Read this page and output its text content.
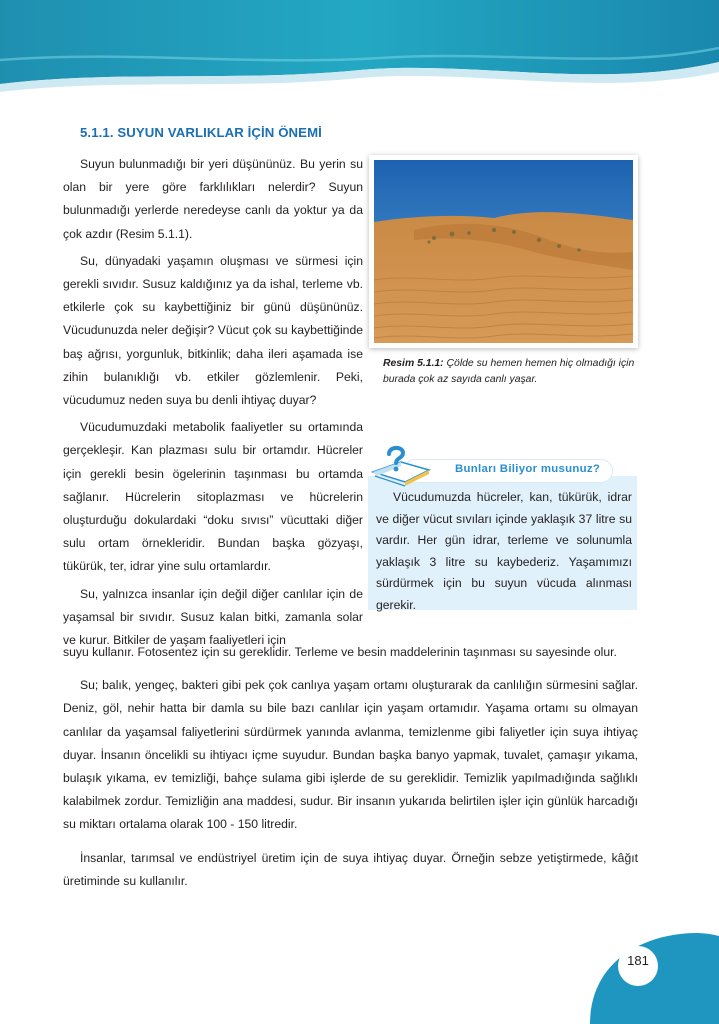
5.1.1. SUYUN VARLIKLAR İÇİN ÖNEMİ

Suyun bulunmadığı bir yeri düşününüz. Bu yerin su olan bir yere göre farklılıkları nelerdir? Suyun bulunmadığı yerlerde neredeyse canlı da yoktur ya da çok azdır (Resim 5.1.1).

Su, dünyadaki yaşamın oluşması ve sürmesi için gerekli sıvıdır. Susuz kaldığınız ya da ishal, terleme vb. etkilerle çok su kaybettiğiniz bir günü düşününüz. Vücudunuzda neler değişir? Vücut çok su kaybettiğinde baş ağrısı, yorgunluk, bitkinlik; daha ileri aşamada ise zihin bulanıklığı vb. etkiler gözlemlenir. Peki, vücudumuz neden suya bu denli ihtiyaç duyar?

Vücudumuzdaki metabolik faaliyetler su ortamında gerçekleşir. Kan plazması sulu bir ortamdır. Hücreler için gerekli besin ögelerinin taşınması bu ortamda sağlanır. Hücrelerin sitoplazması ve hücrelerin oluşturduğu dokulardaki “doku sıvısı” vücuttaki diğer sulu ortam örnekleridir. Bundan başka gözyaşı, tükürük, ter, idrar yine sulu ortamlardır.

Su, yalnızca insanlar için değil diğer canlılar için de yaşamsal bir sıvıdır. Susuz kalan bitki, zamanla solar ve kurur. Bitkiler de yaşam faaliyetleri için

Resim 5.1.1: Çölde su hemen hemen hiç olmadığı için burada çok az sayıda canlı yaşar.

Bunları Biliyor musunuz?

Vücudumuzda hücreler, kan, tükürük, idrar ve diğer vücut sıvıları içinde yaklaşık 37 litre su vardır. Her gün idrar, terleme ve solunumla yaklaşık 3 litre su kaybederiz. Yaşamımızı sürdürmek için bu suyun vücuda alınması gerekir.

suyu kullanır. Fotosentez için su gereklidir. Terleme ve besin maddelerinin taşınması su sayesinde olur.

Su; balık, yengeç, bakteri gibi pek çok canlıya yaşam ortamı oluşturarak da canlılığın sürmesini sağlar. Deniz, göl, nehir hatta bir damla su bile bazı canlılar için yaşam ortamıdır. Yaşama ortamı su olmayan canlılar da yaşamsal faliyetlerini sürdürmek yanında avlanma, temizlenme gibi faliyetler için suya ihtiyaç duyar. İnsanın öncelikli su ihtiyacı içme suyudur. Bundan başka banyo yapmak, tuvalet, çamaşır yıkama, bulaşık yıkama, ev temizliği, bahçe sulama gibi işlerde de su gereklidir. Temizlik yapılmadığında sağlıklı kalabilmek zordur. Temizliğin ana maddesi, sudur. Bir insanın yukarıda belirtilen işler için günlük harcadığı su miktarı ortalama olarak 100 - 150 litredir.

İnsanlar, tarımsal ve endüstriyel üretim için de suya ihtiyaç duyar. Örneğin sebze yetiştirmede, kâğıt üretiminde su kullanılır.

181
